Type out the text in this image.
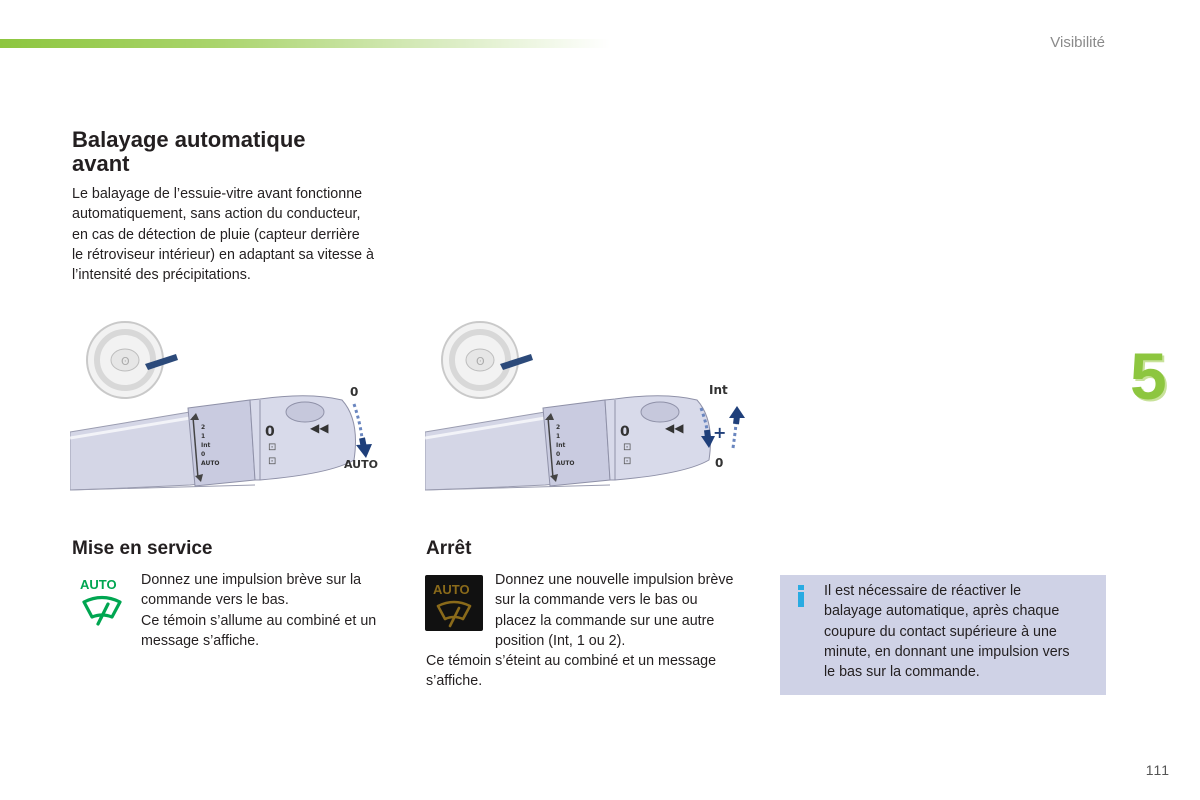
Visibilité
5
111
Balayage automatique
avant
Le balayage de l’essuie-vitre avant fonctionne
automatiquement, sans action du conducteur,
en cas de détection de pluie (capteur derrière
le rétroviseur intérieur) en adaptant sa vitesse à
l’intensité des précipitations.
ʘ
◀◀
0
⊡
⊡
2
1
Int
0
AUTO
0
AUTO
ʘ
◀◀
0
⊡
⊡
2
1
Int
0
AUTO
Int
+
0
Mise en service
AUTO Donnez une impulsion brève sur la
commande vers le bas.
Ce témoin s’allume au combiné et un
message s’affiche.
Arrêt
AUTO
Donnez une nouvelle impulsion brève
sur la commande vers le bas ou
placez la commande sur une autre
position (Int, 1 ou 2).
Ce témoin s’éteint au combiné et un message
s’affiche.
Il est nécessaire de réactiver le
balayage automatique, après chaque
coupure du contact supérieure à une
minute, en donnant une impulsion vers
le bas sur la commande.
